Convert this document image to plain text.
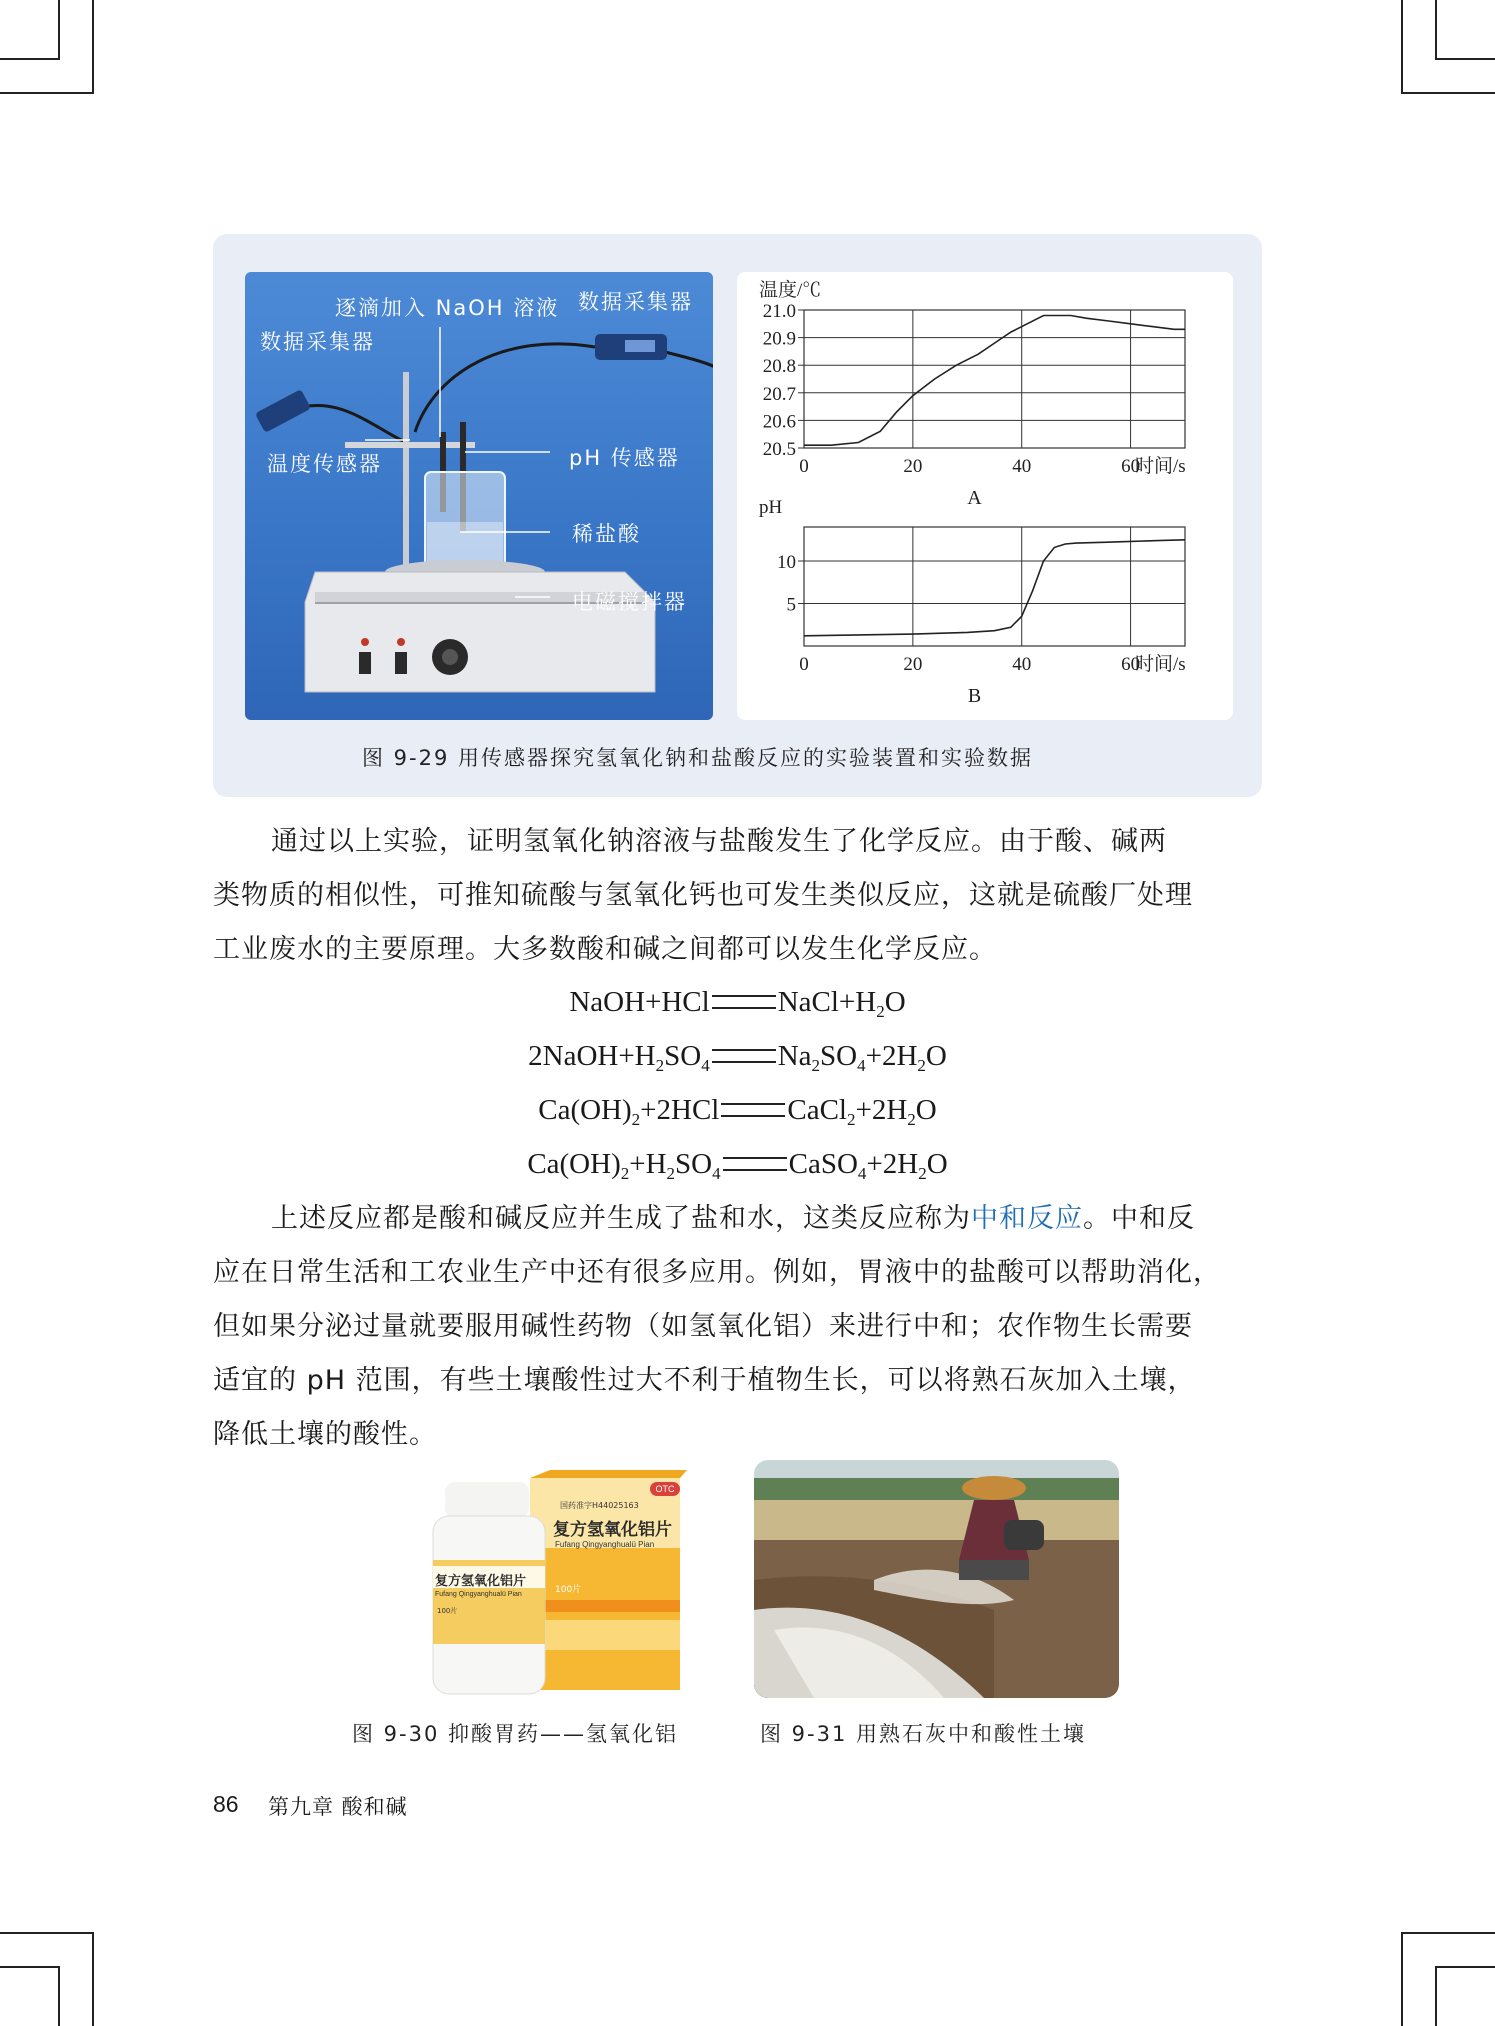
逐滴加入 NaOH 溶液 数据采集器
数据采集器
温度传感器	pH 传感器
稀盐酸
电磁搅拌器
0	20	40	60
21.0
20.9
20.8
20.7
20.6
20.5
温度/℃
时间/s
A
0	20	40	60
10
5
pH
时间/s
B
图 9-29 用传感器探究氢氧化钠和盐酸反应的实验装置和实验数据
通过以上实验，证明氢氧化钠溶液与盐酸发生了化学反应。由于酸、碱两
类物质的相似性，可推知硫酸与氢氧化钙也可发生类似反应，这就是硫酸厂处理
工业废水的主要原理。大多数酸和碱之间都可以发生化学反应。
NaOH+HCl $NaCl+H_2O$
$2NaOH+H_2SO_4$ $Na_2SO_4+2H_2O$
$Ca(OH)_2+2HCl$ $CaCl_2+2H_2O$
$Ca(OH)_2+H_2SO_4$ $CaSO_4+2H_2O$
上述反应都是酸和碱反应并生成了盐和水，这类反应称为中和反应。中和反
应在日常生活和工农业生产中还有很多应用。例如，胃液中的盐酸可以帮助消化，
但如果分泌过量就要服用碱性药物（如氢氧化铝）来进行中和；农作物生长需要
适宜的 pH 范围，有些土壤酸性过大不利于植物生长，可以将熟石灰加入土壤，
降低土壤的酸性。
OTC
国药准字H44025163
复方氢氧化铝片
Fufang Qingyanghualü Pian
100片
复方氢氧化铝片
Fufang Qingyanghualü Pian
100片
图 9-30 抑酸胃药——氢氧化铝	图 9-31 用熟石灰中和酸性土壤
86 第九章 酸和碱
